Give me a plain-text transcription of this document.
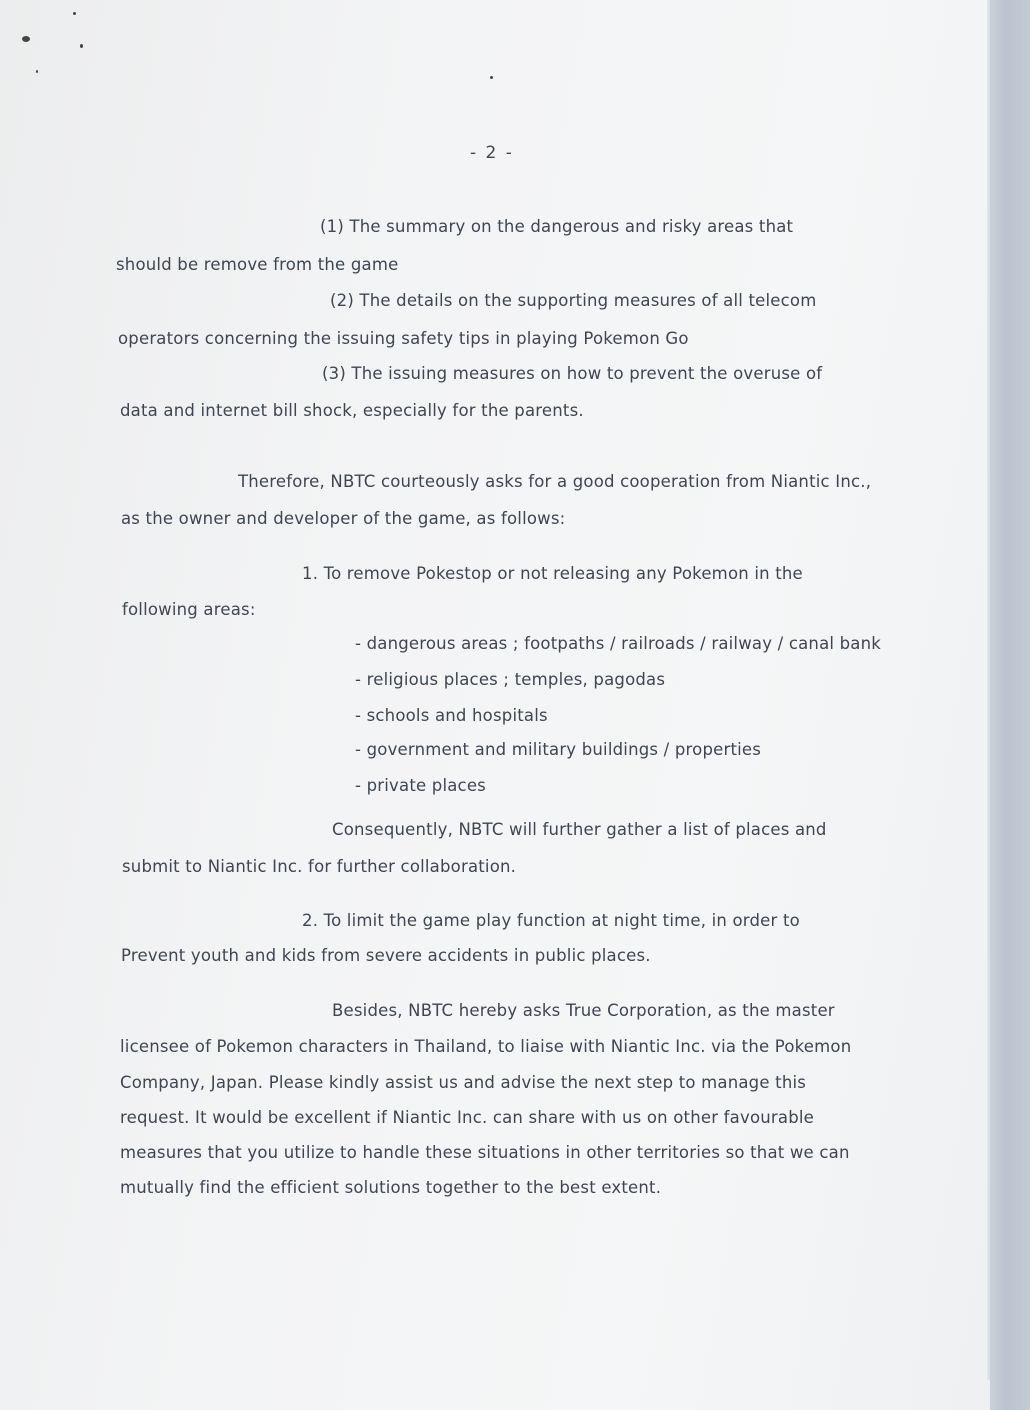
- 2 -
(1) The summary on the dangerous and risky areas that
should be remove from the game
(2) The details on the supporting measures of all telecom
operators concerning the issuing safety tips in playing Pokemon Go
(3) The issuing measures on how to prevent the overuse of
data and internet bill shock, especially for the parents.
Therefore, NBTC courteously asks for a good cooperation from Niantic Inc.,
as the owner and developer of the game, as follows:
1. To remove Pokestop or not releasing any Pokemon in the
following areas:
- dangerous areas ; footpaths / railroads / railway / canal bank
- religious places ; temples, pagodas
- schools and hospitals
- government and military buildings / properties
- private places
Consequently, NBTC will further gather a list of places and
submit to Niantic Inc. for further collaboration.
2. To limit the game play function at night time, in order to
Prevent youth and kids from severe accidents in public places.
Besides, NBTC hereby asks True Corporation, as the master
licensee of Pokemon characters in Thailand, to liaise with Niantic Inc. via the Pokemon
Company, Japan. Please kindly assist us and advise the next step to manage this
request. It would be excellent if Niantic Inc. can share with us on other favourable
measures that you utilize to handle these situations in other territories so that we can
mutually find the efficient solutions together to the best extent.
